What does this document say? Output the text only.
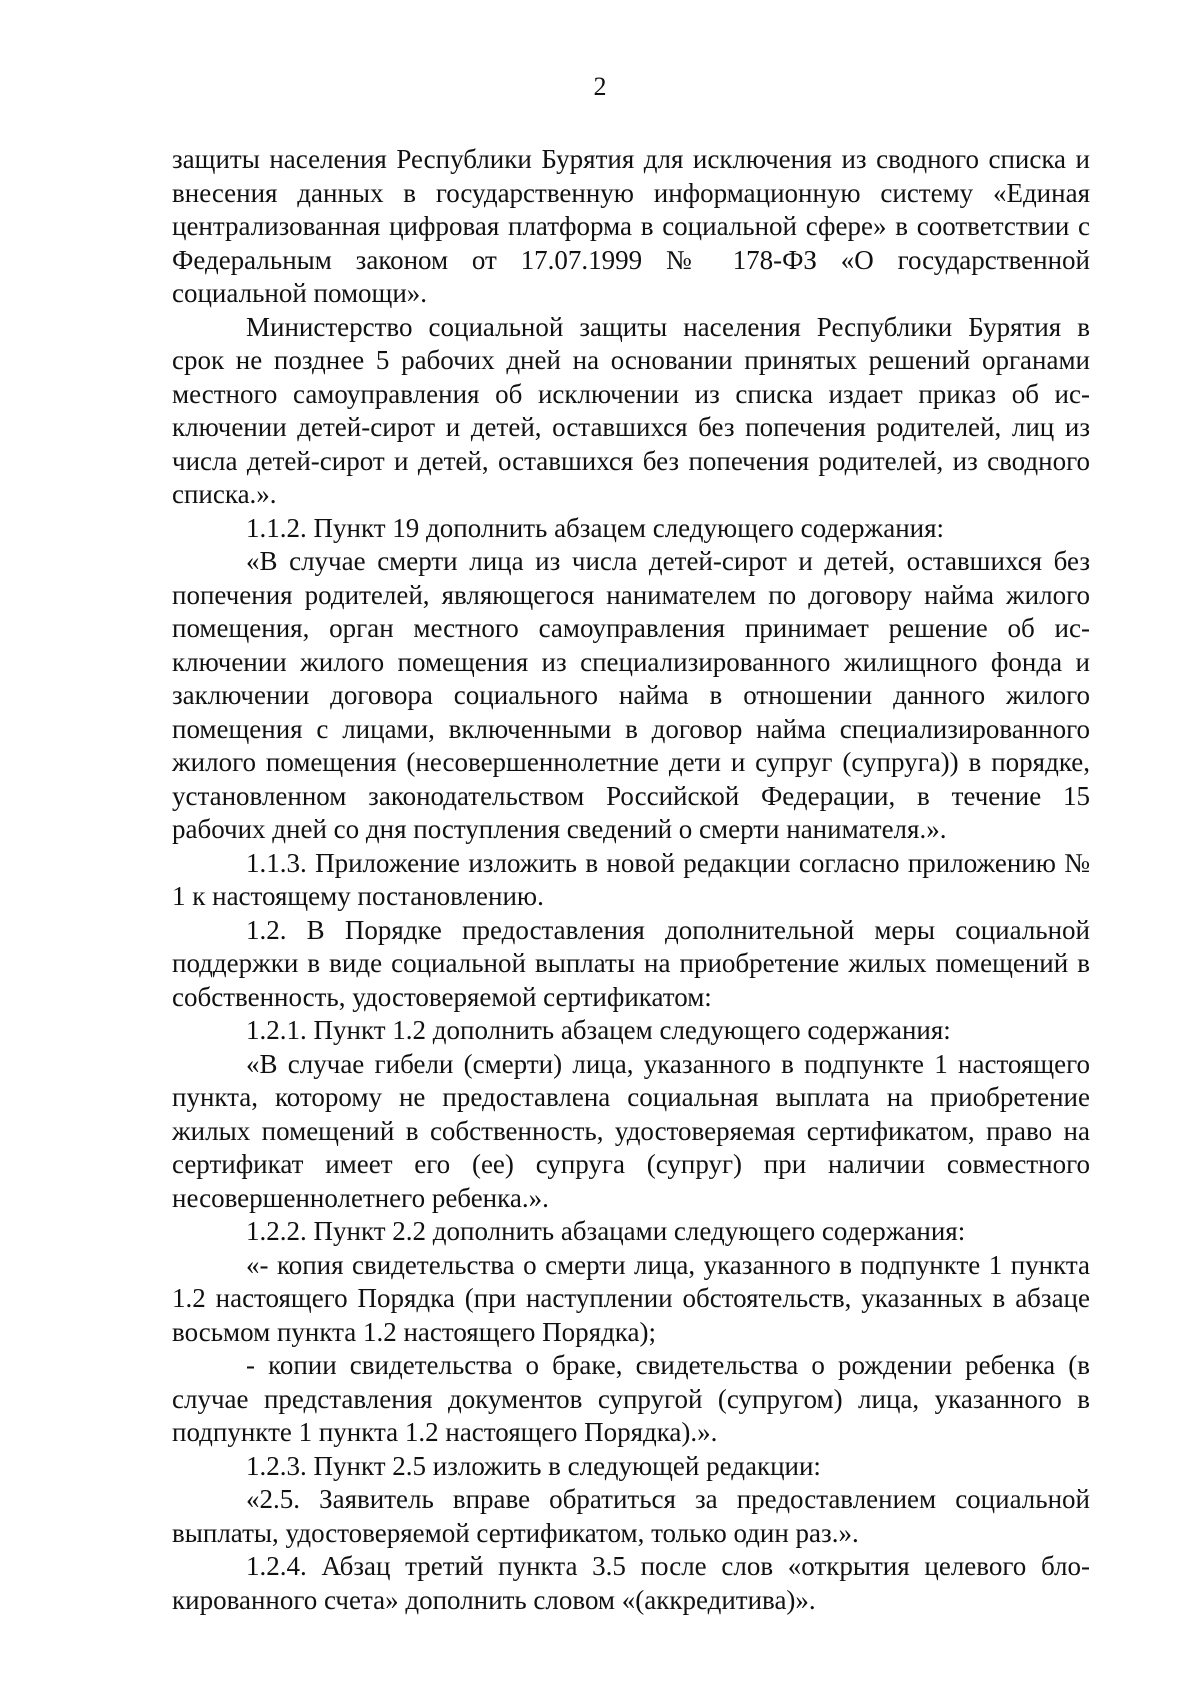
2

защиты населения Республики Бурятия для исключения из сводного списка и внесения данных в государственную информационную систему «Единая централизованная цифровая платформа в социальной сфере» в соответствии с Федеральным законом от 17.07.1999 № 178-ФЗ «О государственной социальной помощи».

Министерство социальной защиты населения Республики Бурятия в срок не позднее 5 рабочих дней на основании принятых решений органами местного самоуправления об исключении из списка издает приказ об исключении детей-сирот и детей, оставшихся без попечения родителей, лиц из числа детей-сирот и детей, оставшихся без попечения родителей, из сводного списка.».

1.1.2. Пункт 19 дополнить абзацем следующего содержания:

«В случае смерти лица из числа детей-сирот и детей, оставшихся без попечения родителей, являющегося нанимателем по договору найма жилого помещения, орган местного самоуправления принимает решение об исключении жилого помещения из специализированного жилищного фонда и заключении договора социального найма в отношении данного жилого помещения с лицами, включенными в договор найма специализированного жилого помещения (несовершеннолетние дети и супруг (супруга)) в порядке, установленном законодательством Российской Федерации, в течение 15 рабочих дней со дня поступления сведений о смерти нанимателя.».

1.1.3. Приложение изложить в новой редакции согласно приложению № 1 к настоящему постановлению.

1.2. В Порядке предоставления дополнительной меры социальной поддержки в виде социальной выплаты на приобретение жилых помещений в собственность, удостоверяемой сертификатом:

1.2.1. Пункт 1.2 дополнить абзацем следующего содержания:

«В случае гибели (смерти) лица, указанного в подпункте 1 настоящего пункта, которому не предоставлена социальная выплата на приобретение жилых помещений в собственность, удостоверяемая сертификатом, право на сертификат имеет его (ее) супруга (супруг) при наличии совместного несовершеннолетнего ребенка.».

1.2.2. Пункт 2.2 дополнить абзацами следующего содержания:

«- копия свидетельства о смерти лица, указанного в подпункте 1 пункта 1.2 настоящего Порядка (при наступлении обстоятельств, указанных в абзаце восьмом пункта 1.2 настоящего Порядка);

- копии свидетельства о браке, свидетельства о рождении ребенка (в случае представления документов супругой (супругом) лица, указанного в подпункте 1 пункта 1.2 настоящего Порядка).».

1.2.3. Пункт 2.5 изложить в следующей редакции:

«2.5. Заявитель вправе обратиться за предоставлением социальной выплаты, удостоверяемой сертификатом, только один раз.».

1.2.4. Абзац третий пункта 3.5 после слов «открытия целевого блокированного счета» дополнить словом «(аккредитива)».
